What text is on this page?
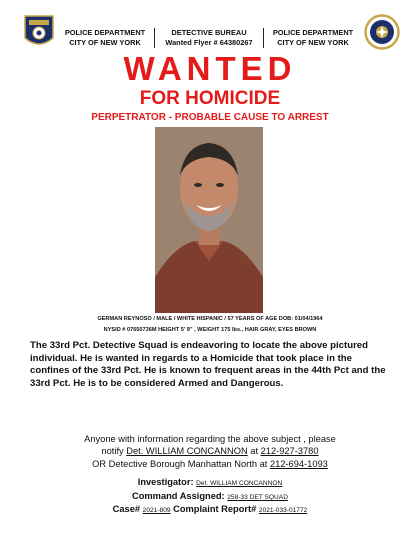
POLICE DEPARTMENT
CITY OF NEW YORK
DETECTIVE BUREAU
Wanted Flyer # 64380267
POLICE DEPARTMENT
CITY OF NEW YORK
WANTED
FOR HOMICIDE
PERPETRATOR - PROBABLE CAUSE TO ARREST
GERMAN REYNOSO / MALE / WHITE HISPANIC / 57 YEARS OF AGE DOB: 01/04/1964
NYSID # 07650736M HEIGHT 5' 9" , WEIGHT 175 lbs., HAIR GRAY, EYES BROWN
The 33rd Pct. Detective Squad is endeavoring to locate the above pictured individual. He is wanted in regards to a Homicide that took place in the confines of the 33rd Pct. He is known to frequent areas in the 44th Pct and the 33rd Pct. He is to be considered Armed and Dangerous.
Anyone with information regarding the above subject , please
notify Det. WILLIAM CONCANNON at 212-927-3780
OR Detective Borough Manhattan North at 212-694-1093
Investigator: Det. WILLIAM CONCANNON
Command Assigned: 258-33 DET SQUAD
Case# 2021-809 Complaint Report# 2021-033-01772
